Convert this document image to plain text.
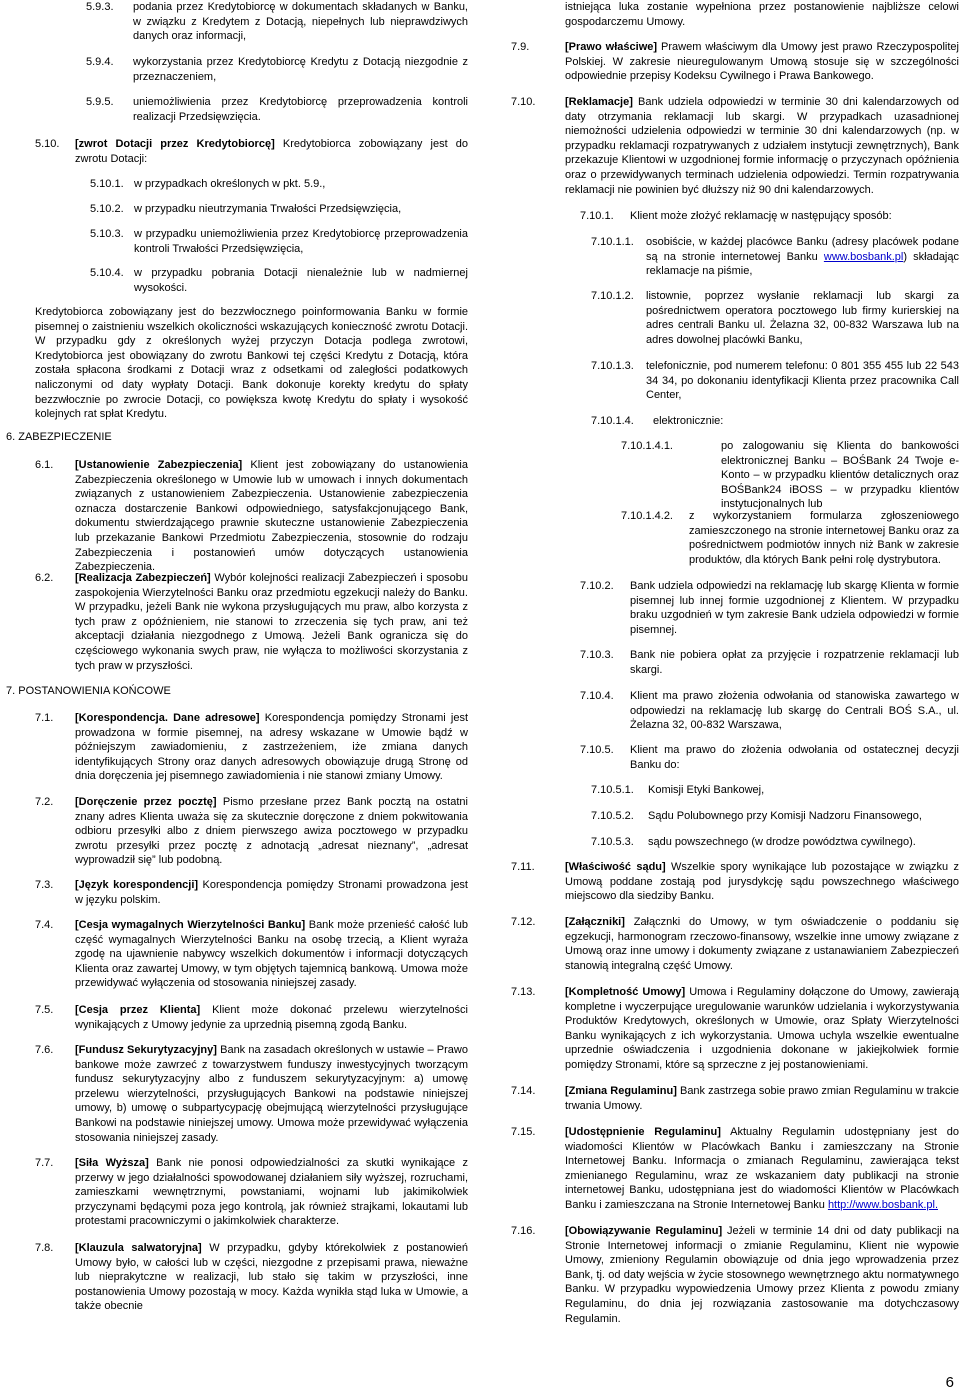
5.9.3.	podania przez Kredytobiorcę w dokumentach składanych w Banku, w związku z Kredytem z Dotacją, niepełnych lub nieprawdziwych danych oraz informacji,
5.9.4.	wykorzystania przez Kredytobiorcę Kredytu z Dotacją niezgodnie z przeznaczeniem,
5.9.5.	uniemożliwienia przez Kredytobiorcę przeprowadzenia kontroli realizacji Przedsięwzięcia.
5.10.	[zwrot Dotacji przez Kredytobiorcę] Kredytobiorca zobowiązany jest do zwrotu Dotacji:
5.10.1. w przypadkach określonych w pkt. 5.9.,
5.10.2. w przypadku nieutrzymania Trwałości Przedsięwzięcia,
5.10.3. w przypadku uniemożliwienia przez Kredytobiorcę przeprowadzenia kontroli Trwałości Przedsięwzięcia,
5.10.4. w przypadku pobrania Dotacji nienależnie lub w nadmiernej wysokości.
Kredytobiorca zobowiązany jest do bezzwłocznego poinformowania Banku w formie pisemnej o zaistnieniu wszelkich okoliczności wskazujących konieczność zwrotu Dotacji. W przypadku gdy z określonych wyżej przyczyn Dotacja podlega zwrotowi, Kredytobiorca jest obowiązany do zwrotu Bankowi tej części Kredytu z Dotacją, która została spłacona środkami z Dotacji wraz z odsetkami od zaległości podatkowych naliczonymi od daty wypłaty Dotacji. Bank dokonuje korekty kredytu do spłaty bezzwłocznie po zwrocie Dotacji, co powiększa kwotę Kredytu do spłaty i wysokość kolejnych rat spłat Kredytu.
6. ZABEZPIECZENIE
6.1.	[Ustanowienie Zabezpieczenia] Klient jest zobowiązany do ustanowienia Zabezpieczenia określonego w Umowie lub w umowach i innych dokumentach związanych z ustanowieniem Zabezpieczenia. Ustanowienie zabezpieczenia oznacza dostarczenie Bankowi odpowiedniego, satysfakcjonującego Bank, dokumentu stwierdzającego prawnie skuteczne ustanowienie Zabezpieczenia lub przekazanie Bankowi Przedmiotu Zabezpieczenia, stosownie do rodzaju Zabezpieczenia i postanowień umów dotyczących ustanowienia Zabezpieczenia.
6.2.	[Realizacja Zabezpieczeń] Wybór kolejności realizacji Zabezpieczeń i sposobu zaspokojenia Wierzytelności Banku oraz przedmiotu egzekucji należy do Banku. W przypadku, jeżeli Bank nie wykona przysługujących mu praw, albo korzysta z tych praw z opóźnieniem, nie stanowi to zrzeczenia się tych praw, ani też akceptacji działania niezgodnego z Umową. Jeżeli Bank ogranicza się do częściowego wykonania swych praw, nie wyłącza to możliwości skorzystania z tych praw w przyszłości.
7. POSTANOWIENIA KOŃCOWE
7.1.	[Korespondencja. Dane adresowe] Korespondencja pomiędzy Stronami jest prowadzona w formie pisemnej, na adresy wskazane w Umowie bądź w późniejszym zawiadomieniu, z zastrzeżeniem, iże zmiana danych identyfikujących Strony oraz danych adresowych obowiązuje drugą Stronę od dnia doręczenia jej pisemnego zawiadomienia i nie stanowi zmiany Umowy.
7.2.	[Doręczenie przez pocztę] Pismo przesłane przez Bank pocztą na ostatni znany adres Klienta uważa się za skutecznie doręczone z dniem pokwitowania odbioru przesyłki albo z dniem pierwszego awiza pocztowego w przypadku zwrotu przesyłki przez pocztę z adnotacją „adresat nieznany”, „adresat wyprowadził się” lub podobną.
7.3.	[Język korespondencji] Korespondencja pomiędzy Stronami prowadzona jest w języku polskim.
7.4.	[Cesja wymagalnych Wierzytelności Banku] Bank może przenieść całość lub część wymagalnych Wierzytelności Banku na osobę trzecią, a Klient wyraża zgodę na ujawnienie nabywcy wszelkich dokumentów i informacji dotyczących Klienta oraz zawartej Umowy, w tym objętych tajemnicą bankową. Umowa może przewidywać wyłączenia od stosowania niniejszej zasady.
7.5.	[Cesja przez Klienta] Klient może dokonać przelewu wierzytelności wynikających z Umowy jedynie za uprzednią pisemną zgodą Banku.
7.6.	[Fundusz Sekurytyzacyjny] Bank na zasadach określonych w ustawie – Prawo bankowe może zawrzeć z towarzystwem funduszy inwestycyjnych tworzącym fundusz sekurytyzacyjny albo z funduszem sekurytyzacyjnym: a) umowę przelewu wierzytelności, przysługujących Bankowi na podstawie niniejszej umowy, b) umowę o subpartycypację obejmującą wierzytelności przysługujące Bankowi na podstawie niniejszej umowy. Umowa może przewidywać wyłączenia stosowania niniejszej zasady.
7.7.	[Siła Wyższa] Bank nie ponosi odpowiedzialności za skutki wynikające z przerwy w jego działalności spowodowanej działaniem siły wyższej, rozruchami, zamieszkami wewnętrznymi, powstaniami, wojnami lub jakimikolwiek przyczynami będącymi poza jego kontrolą, jak również strajkami, lokautami lub protestami pracowniczymi o jakimkolwiek charakterze.
7.8.	[Klauzula salwatoryjna] W przypadku, gdyby którekolwiek z postanowień Umowy było, w całości lub w części, niezgodne z przepisami prawa, nieważne lub nieprakytczne w realizacji, lub stało się takim w przyszłości, inne postanowienia Umowy pozostają w mocy. Każda wynikła stąd luka w Umowie, a także obecnie
istniejąca luka zostanie wypełniona przez postanowienie najbliższe celowi gospodarczemu Umowy.
7.9.	[Prawo właściwe] Prawem właściwym dla Umowy jest prawo Rzeczypospolitej Polskiej. W zakresie nieuregulowanym Umową stosuje się w szczególności odpowiednie przepisy Kodeksu Cywilnego i Prawa Bankowego.
7.10.	[Reklamacje] Bank udziela odpowiedzi w terminie 30 dni kalendarzowych od daty otrzymania reklamacji lub skargi. W przypadkach uzasadnionej niemożności udzielenia odpowiedzi w terminie 30 dni kalendarzowych (np. w przypadku reklamacji rozpatrywanych z udziałem instytucji zewnętrznych), Bank przekazuje Klientowi w uzgodnionej formie informację o przyczynach opóźnienia oraz o przewidywanych terminach udzielenia odpowiedzi. Termin rozpatrywania reklamacji nie powinien być dłuższy niż 90 dni kalendarzowych.
7.10.1.	Klient może złożyć reklamację w następujący sposób:
7.10.1.1.	osobiście, w każdej placówce Banku (adresy placówek podane są na stronie internetowej Banku www.bosbank.pl) składając reklamacje na piśmie,
7.10.1.2.	listownie, poprzez wysłanie reklamacji lub skargi za pośrednictwem operatora pocztowego lub firmy kurierskiej na adres centrali Banku ul. Żelazna 32, 00-832 Warszawa lub na adres dowolnej placówki Banku,
7.10.1.3.	telefonicznie, pod numerem telefonu: 0 801 355 455 lub 22 543 34 34, po dokonaniu identyfikacji Klienta przez pracownika Call Center,
7.10.1.4.	elektronicznie:
7.10.1.4.1.	po zalogowaniu się Klienta do bankowości elektronicznej Banku – BOŚBank 24 Twoje e-Konto – w przypadku klientów detalicznych oraz BOŚBank24 iBOSS – w przypadku klientów instytucjonalnych lub
7.10.1.4.2.	z wykorzystaniem formularza zgłoszeniowego zamieszczonego na stronie internetowej Banku oraz za pośrednictwem podmiotów innych niż Bank w zakresie produktów, dla których Bank pełni rolę dystrybutora.
7.10.2.	Bank udziela odpowiedzi na reklamację lub skargę Klienta w formie pisemnej lub innej formie uzgodnionej z Klientem. W przypadku braku uzgodnień w tym zakresie Bank udziela odpowiedzi w formie pisemnej.
7.10.3.	Bank nie pobiera opłat za przyjęcie i rozpatrzenie reklamacji lub skargi.
7.10.4.	Klient ma prawo złożenia odwołania od stanowiska zawartego w odpowiedzi na reklamację lub skargę do Centrali BOŚ S.A., ul. Żelazna 32, 00-832 Warszawa,
7.10.5.	Klient ma prawo do złożenia odwołania od ostatecznej decyzji Banku do:
7.10.5.1.	Komisji Etyki Bankowej,
7.10.5.2.	Sądu Polubownego przy Komisji Nadzoru Finansowego,
7.10.5.3.	sądu powszechnego (w drodze powództwa cywilnego).
7.11.	[Właściwość sądu] Wszelkie spory wynikające lub pozostające w związku z Umową poddane zostają pod jurysdykcję sądu powszechnego właściwego miejscowo dla siedziby Banku.
7.12.	[Załączniki] Załącznki do Umowy, w tym oświadczenie o poddaniu się egzekucji, harmonogram rzeczowo-finansowy, wszelkie inne umowy związane z Umową oraz inne umowy i dokumenty związane z ustanawianiem Zabezpieczeń stanowią integralną część Umowy.
7.13.	[Kompletność Umowy] Umowa i Regulaminy dołączone do Umowy, zawierają kompletne i wyczerpujące uregulowanie warunków udzielania i wykorzystywania Produktów Kredytowych, określonych w Umowie, oraz Spłaty Wierzytelności Banku wynikających z ich wykorzystania. Umowa uchyla wszelkie ewentualne uprzednie oświadczenia i uzgodnienia dokonane w jakiejkolwiek formie pomiędzy Stronami, które są sprzeczne z jej postanowieniami.
7.14.	[Zmiana Regulaminu] Bank zastrzega sobie prawo zmian Regulaminu w trakcie trwania Umowy.
7.15.	[Udostępnienie Regulaminu] Aktualny Regulamin udostępniany jest do wiadomości Klientów w Placówkach Banku i zamieszczany na Stronie Internetowej Banku. Informacja o zmianach Regulaminu, zawierająca tekst zmienianego Regulaminu, wraz ze wskazaniem daty publikacji na stronie internetowej Banku, udostępniana jest do wiadomości Klientów w Placówkach Banku i zamieszczana na Stronie Internetowej Banku http://www.bosbank.pl.
7.16.	[Obowiązywanie Regulaminu] Jeżeli w terminie 14 dni od daty publikacji na Stronie Internetowej informacji o zmianie Regulaminu, Klient nie wypowie Umowy, zmieniony Regulamin obowiązuje od dnia jego wprowadzenia przez Bank, tj. od daty wejścia w życie stosownego wewnętrznego aktu normatywnego Banku. W przypadku wypowiedzenia Umowy przez Klienta z powodu zmiany Regulaminu, do dnia jej rozwiązania zastosowanie ma dotychczasowy Regulamin.
6
